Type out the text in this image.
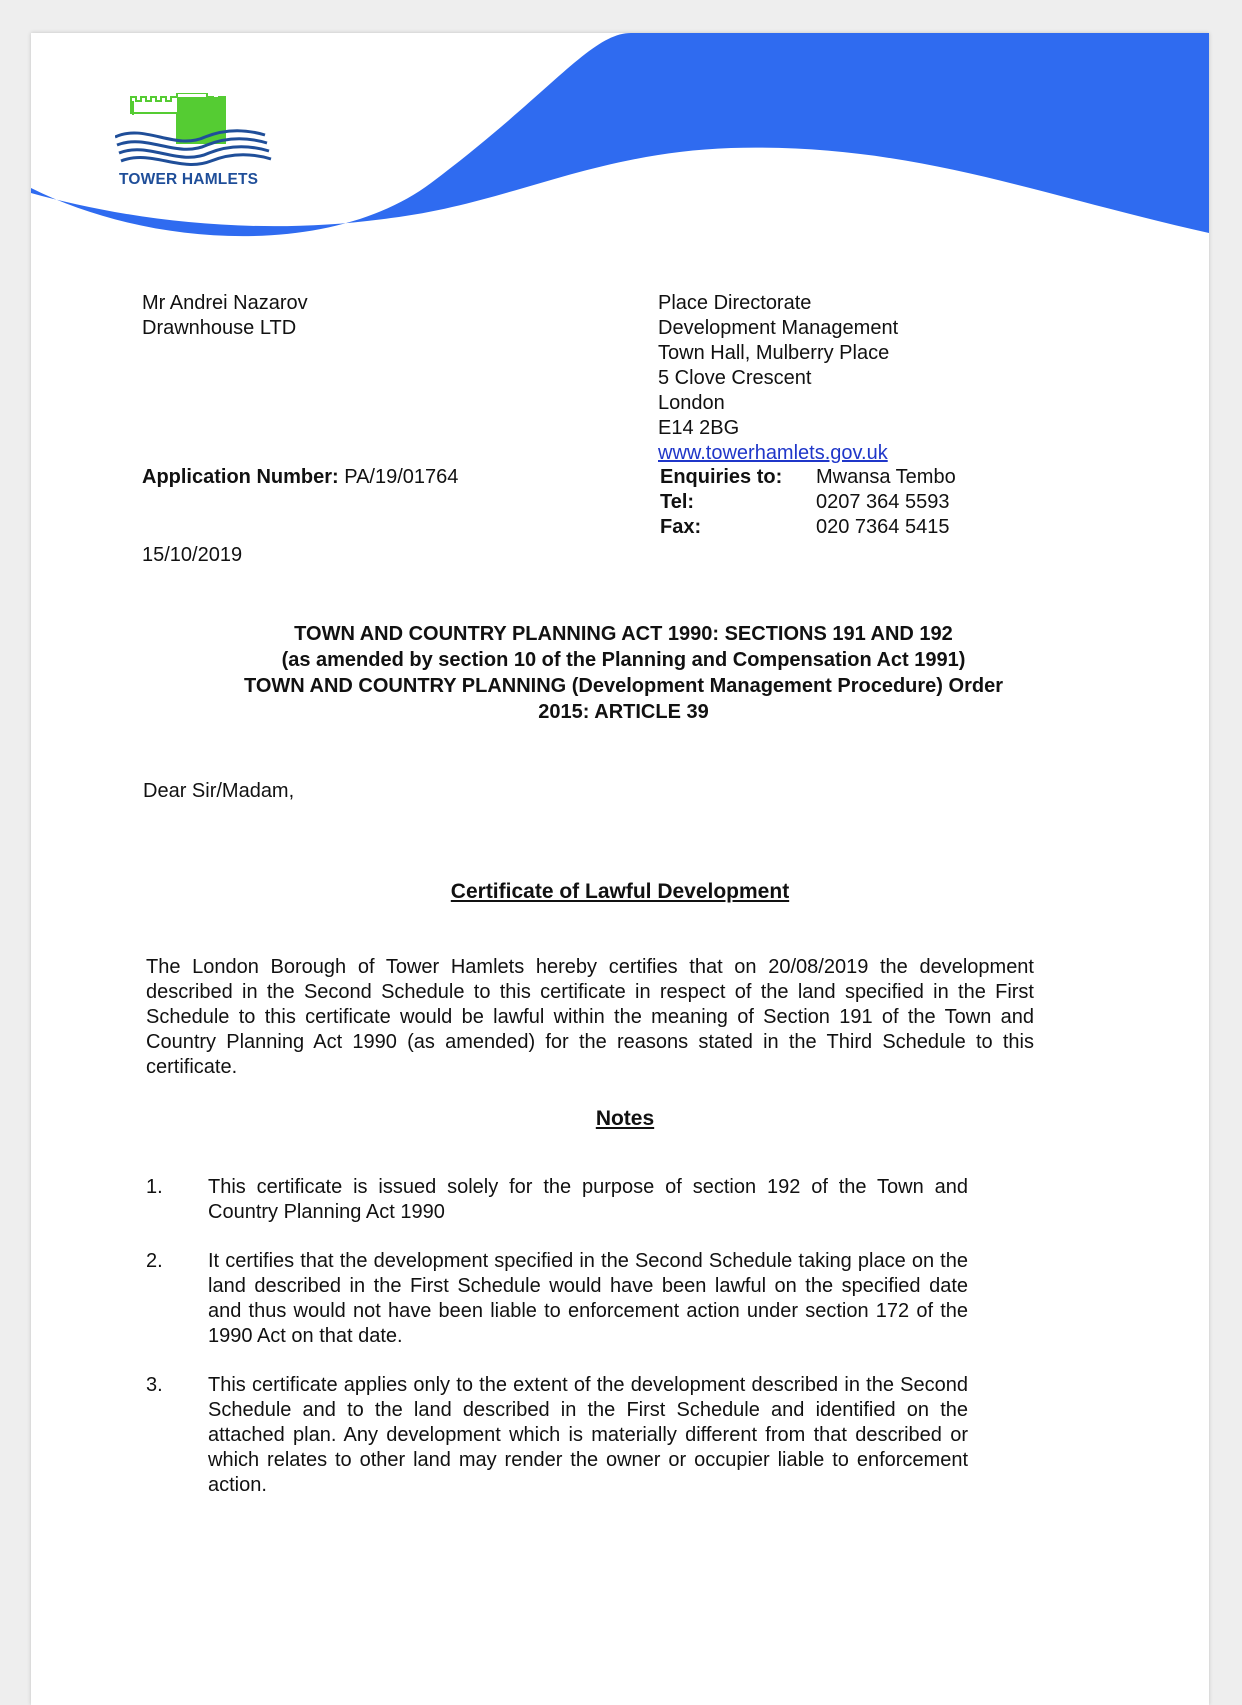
TOWER HAMLETS
Mr Andrei Nazarov
Drawnhouse LTD
Place Directorate
Development Management
Town Hall, Mulberry Place
5 Clove Crescent
London
E14 2BG
www.towerhamlets.gov.uk
Application Number: PA/19/01764	Enquiries to:	Mwansa Tembo
Tel:	0207 364 5593
Fax:	020 7364 5415
15/10/2019
TOWN AND COUNTRY PLANNING ACT 1990: SECTIONS 191 AND 192
(as amended by section 10 of the Planning and Compensation Act 1991)
TOWN AND COUNTRY PLANNING (Development Management Procedure) Order
2015: ARTICLE 39
Dear Sir/Madam,
Certificate of Lawful Development
The London Borough of Tower Hamlets hereby certifies that on 20/08/2019 the development described in the Second Schedule to this certificate in respect of the land specified in the First Schedule to this certificate would be lawful within the meaning of Section 191 of the Town and Country Planning Act 1990 (as amended) for the reasons stated in the Third Schedule to this certificate.
Notes
1.	This certificate is issued solely for the purpose of section 192 of the Town and Country Planning Act 1990
2.	It certifies that the development specified in the Second Schedule taking place on the land described in the First Schedule would have been lawful on the specified date and thus would not have been liable to enforcement action under section 172 of the 1990 Act on that date.
3.	This certificate applies only to the extent of the development described in the Second Schedule and to the land described in the First Schedule and identified on the attached plan. Any development which is materially different from that described or which relates to other land may render the owner or occupier liable to enforcement action.
